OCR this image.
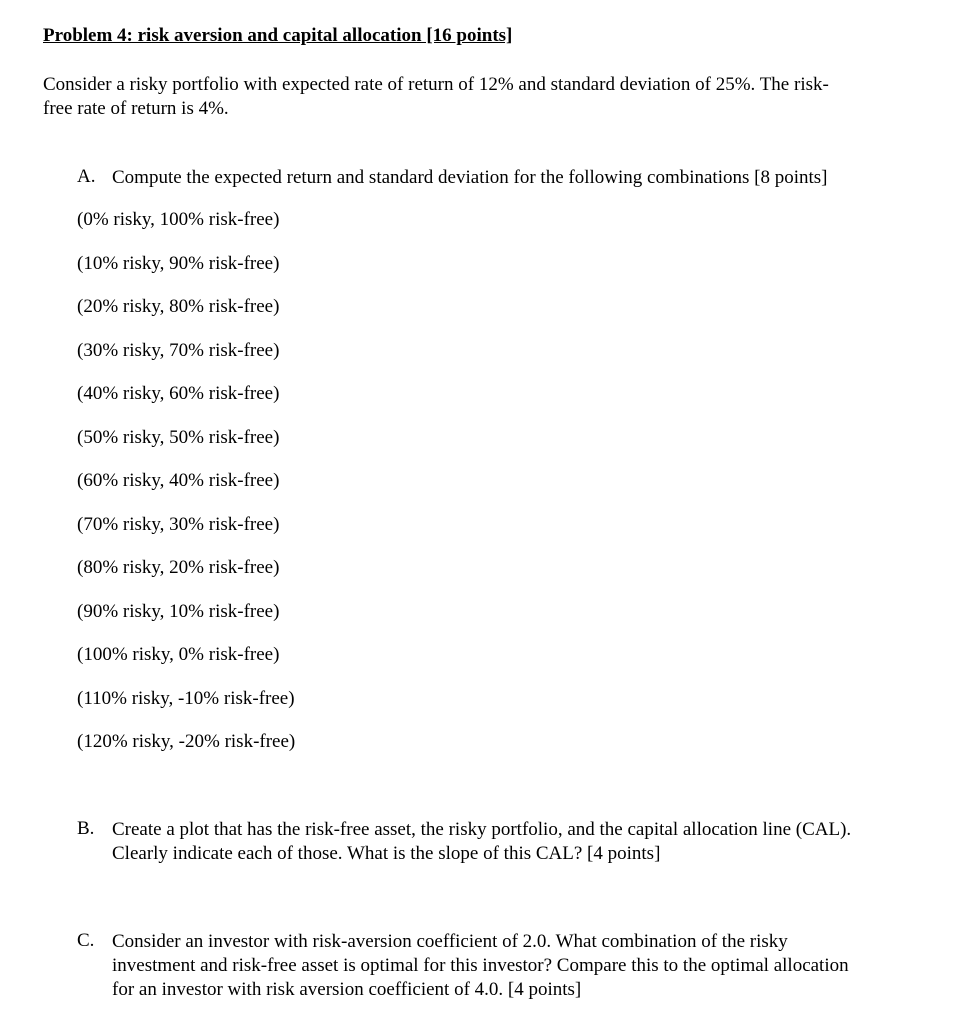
Problem 4: risk aversion and capital allocation [16 points]
Consider a risky portfolio with expected rate of return of 12% and standard deviation of 25%. The risk-
free rate of return is 4%.
A. Compute the expected return and standard deviation for the following combinations [8 points]
(0% risky, 100% risk-free)
(10% risky, 90% risk-free)
(20% risky, 80% risk-free)
(30% risky, 70% risk-free)
(40% risky, 60% risk-free)
(50% risky, 50% risk-free)
(60% risky, 40% risk-free)
(70% risky, 30% risk-free)
(80% risky, 20% risk-free)
(90% risky, 10% risk-free)
(100% risky, 0% risk-free)
(110% risky, -10% risk-free)
(120% risky, -20% risk-free)
B. Create a plot that has the risk-free asset, the risky portfolio, and the capital allocation line (CAL).
Clearly indicate each of those. What is the slope of this CAL? [4 points]
C. Consider an investor with risk-aversion coefficient of 2.0. What combination of the risky
investment and risk-free asset is optimal for this investor? Compare this to the optimal allocation
for an investor with risk aversion coefficient of 4.0. [4 points]
